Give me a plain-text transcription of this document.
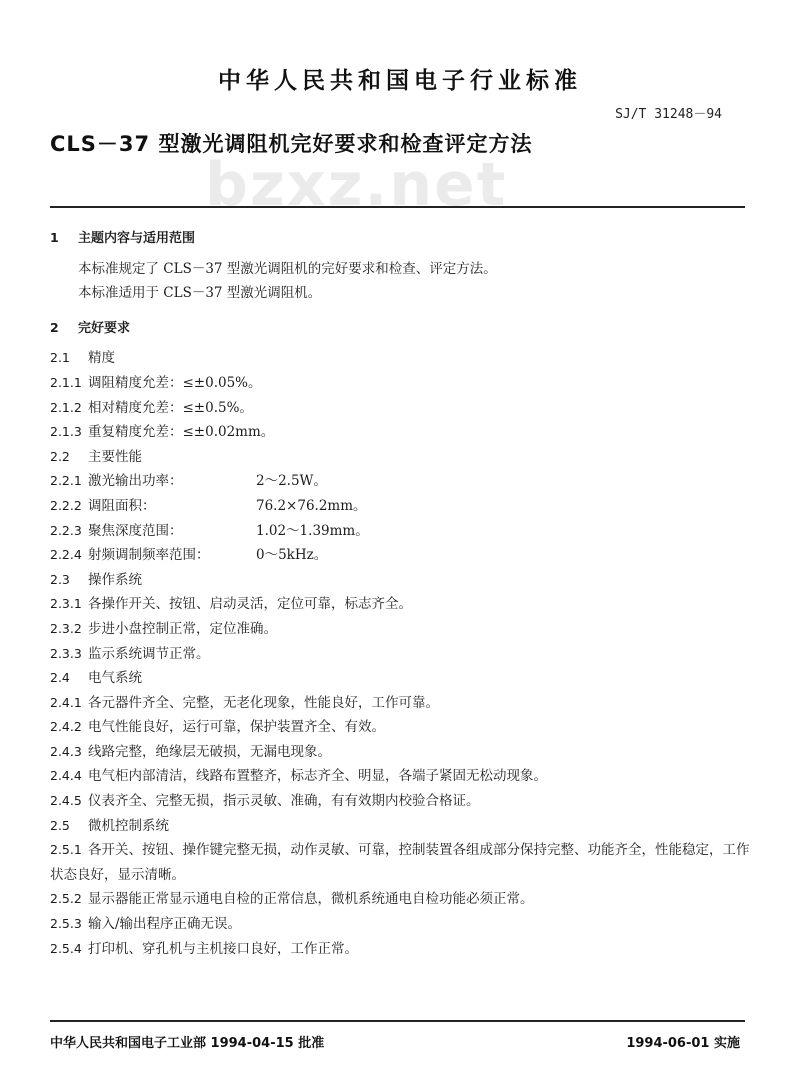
bzxz.net
中华人民共和国电子行业标准
SJ/T 31248－94
CLS－37 型激光调阻机完好要求和检查评定方法
1 主题内容与适用范围
本标准规定了 CLS－37 型激光调阻机的完好要求和检查、评定方法。
本标准适用于 CLS－37 型激光调阻机。
2 完好要求
2.1 精度
2.1.1 调阻精度允差：≤±0.05%。
2.1.2 相对精度允差：≤±0.5%。
2.1.3 重复精度允差：≤±0.02mm。
2.2 主要性能
2.2.1 激光输出功率：	2～2.5W。
2.2.2 调阻面积：	76.2×76.2mm。
2.2.3 聚焦深度范围：	1.02～1.39mm。
2.2.4 射频调制频率范围：	0～5kHz。
2.3 操作系统
2.3.1 各操作开关、按钮、启动灵活，定位可靠，标志齐全。
2.3.2 步进小盘控制正常，定位准确。
2.3.3 监示系统调节正常。
2.4 电气系统
2.4.1 各元器件齐全、完整，无老化现象，性能良好，工作可靠。
2.4.2 电气性能良好，运行可靠，保护装置齐全、有效。
2.4.3 线路完整，绝缘层无破损，无漏电现象。
2.4.4 电气柜内部清洁，线路布置整齐，标志齐全、明显，各端子紧固无松动现象。
2.4.5 仪表齐全、完整无损，指示灵敏、准确，有有效期内校验合格证。
2.5 微机控制系统
2.5.1 各开关、按钮、操作键完整无损，动作灵敏、可靠，控制装置各组成部分保持完整、功能齐全，性能稳定，工作状态良好，显示清晰。
2.5.2 显示器能正常显示通电自检的正常信息，微机系统通电自检功能必须正常。
2.5.3 输入/输出程序正确无误。
2.5.4 打印机、穿孔机与主机接口良好，工作正常。
中华人民共和国电子工业部 1994-04-15 批准	1994-06-01 实施
